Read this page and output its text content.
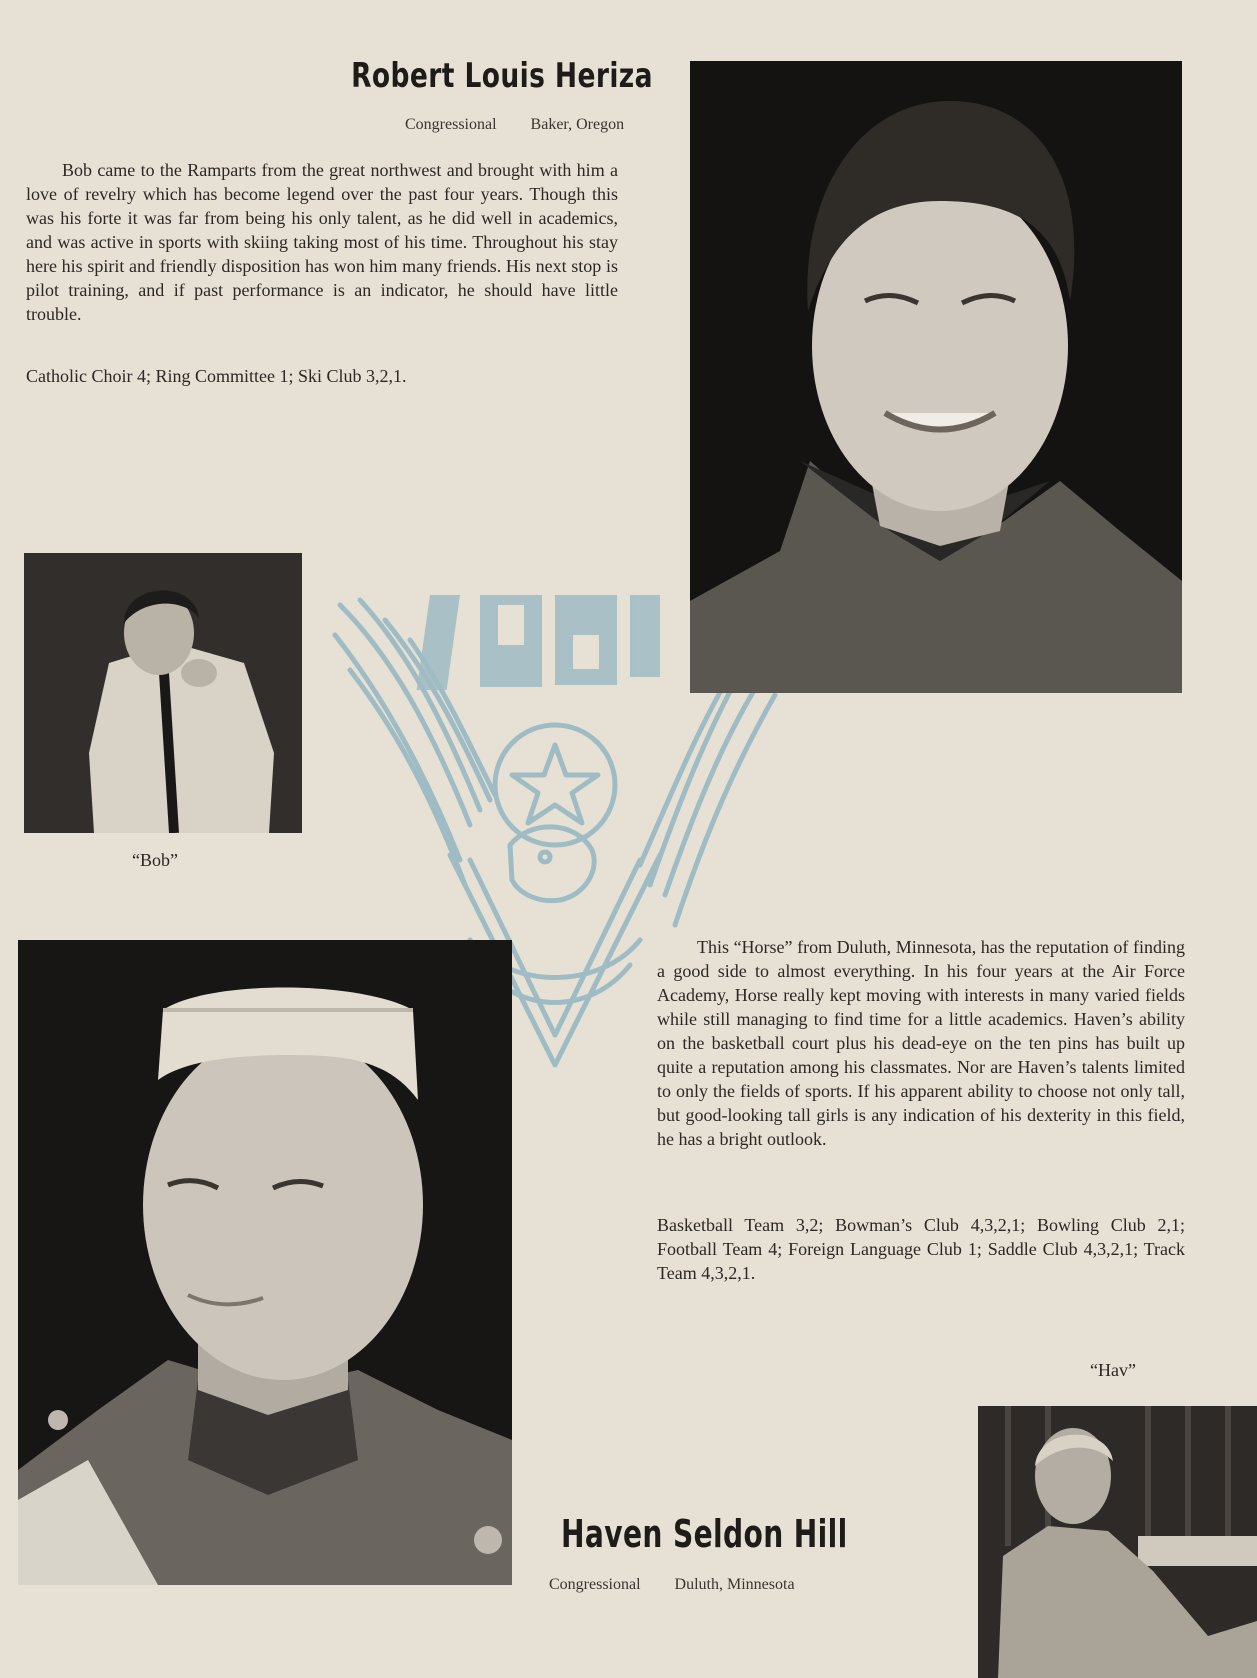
Robert Louis Heriza
Congressional Baker, Oregon

Bob came to the Ramparts from the great northwest and brought with him a love of revelry which has become legend over the past four years. Though this was his forte it was far from being his only talent, as he did well in academics, and was active in sports with skiing taking most of his time. Throughout his stay here his spirit and friendly disposition has won him many friends. His next stop is pilot training, and if past performance is an indicator, he should have little trouble.

Catholic Choir 4; Ring Committee 1; Ski Club 3,2,1.
“Bob”

This “Horse” from Duluth, Minnesota, has the reputation of finding a good side to almost everything. In his four years at the Air Force Academy, Horse really kept moving with interests in many varied fields while still managing to find time for a little academics. Haven’s ability on the basketball court plus his dead-eye on the ten pins has built up quite a reputation among his classmates. Nor are Haven’s talents limited to only the fields of sports. If his apparent ability to choose not only tall, but good-looking tall girls is any indication of his dexterity in this field, he has a bright outlook.

Basketball Team 3,2; Bowman’s Club 4,3,2,1; Bowling Club 2,1; Football Team 4; Foreign Language Club 1; Saddle Club 4,3,2,1; Track Team 4,3,2,1.
“Hav”
Haven Seldon Hill
Congressional Duluth, Minnesota
